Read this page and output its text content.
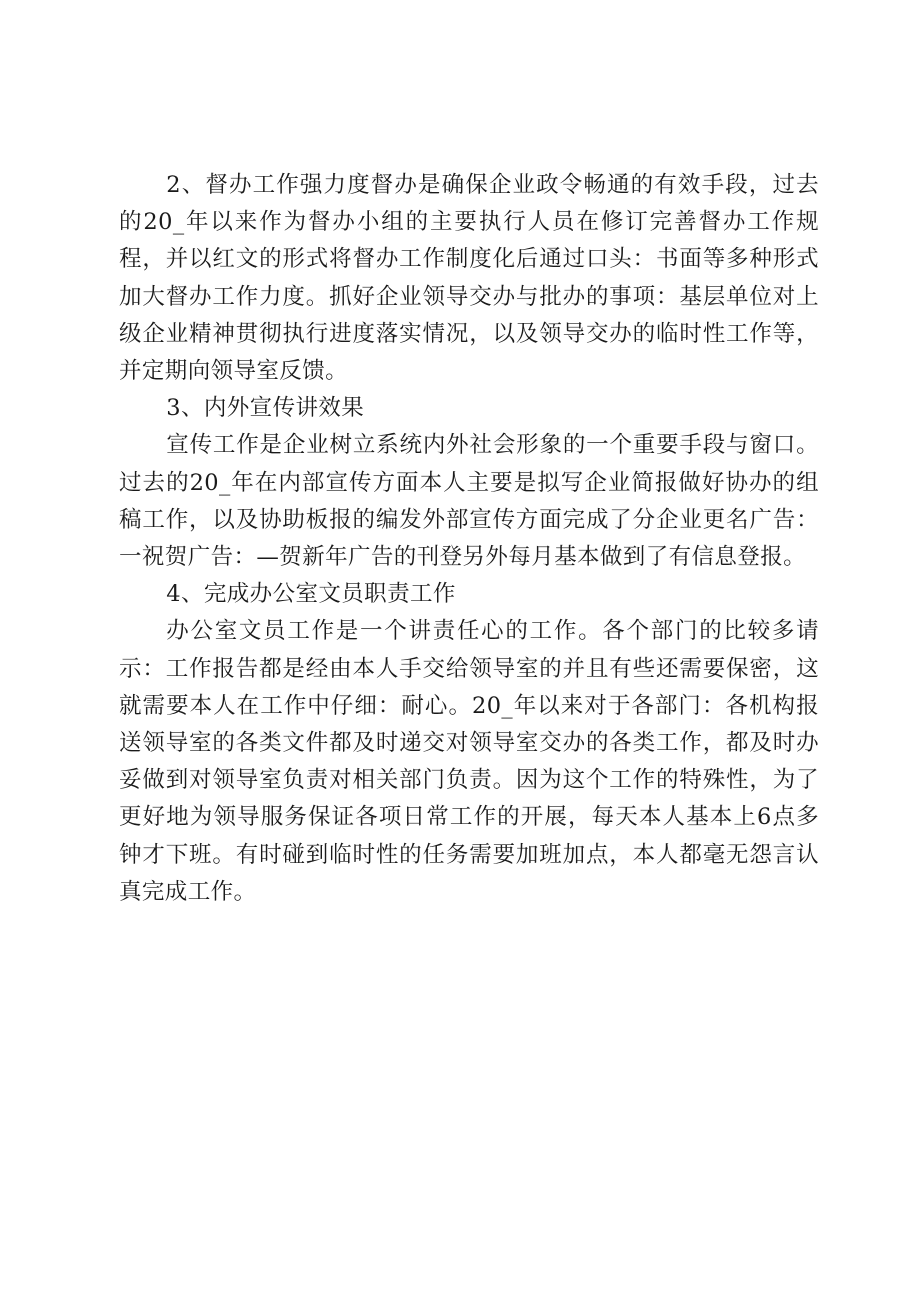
2、督办工作强力度督办是确保企业政令畅通的有效手段，过去的20_年以来作为督办小组的主要执行人员在修订完善督办工作规程，并以红文的形式将督办工作制度化后通过口头：书面等多种形式加大督办工作力度。抓好企业领导交办与批办的事项：基层单位对上级企业精神贯彻执行进度落实情况，以及领导交办的临时性工作等，并定期向领导室反馈。

3、内外宣传讲效果

宣传工作是企业树立系统内外社会形象的一个重要手段与窗口。过去的20_年在内部宣传方面本人主要是拟写企业简报做好协办的组稿工作，以及协助板报的编发外部宣传方面完成了分企业更名广告：一祝贺广告：—贺新年广告的刊登另外每月基本做到了有信息登报。

4、完成办公室文员职责工作

办公室文员工作是一个讲责任心的工作。各个部门的比较多请示：工作报告都是经由本人手交给领导室的并且有些还需要保密，这就需要本人在工作中仔细：耐心。20_年以来对于各部门：各机构报送领导室的各类文件都及时递交对领导室交办的各类工作，都及时办妥做到对领导室负责对相关部门负责。因为这个工作的特殊性，为了更好地为领导服务保证各项日常工作的开展，每天本人基本上6点多钟才下班。有时碰到临时性的任务需要加班加点，本人都毫无怨言认真完成工作。
